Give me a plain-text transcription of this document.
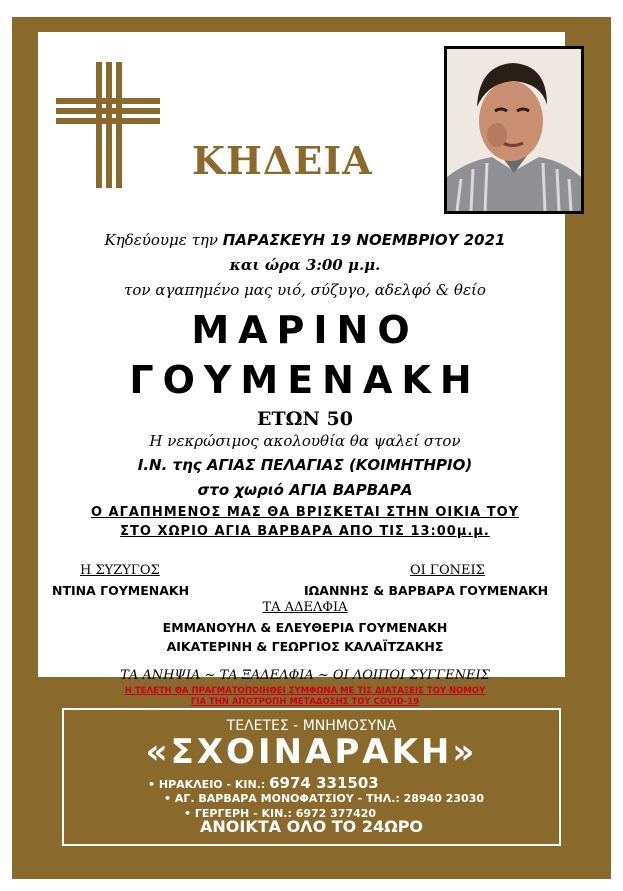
ΚΗΔΕΙΑ
Κηδεύουμε την ΠΑΡΑΣΚΕΥΗ 19 ΝΟΕΜΒΡΙΟΥ 2021
και ώρα 3:00 μ.μ.
τον αγαπημένο μας υιό, σύζυγο, αδελφό & θείο
ΜΑΡΙΝΟ
ΓΟΥΜΕΝΑΚΗ
ΕΤΩΝ 50
Η νεκρώσιμος ακολουθία θα ψαλεί στον
Ι.Ν. της ΑΓΙΑΣ ΠΕΛΑΓΙΑΣ (ΚΟΙΜΗΤΗΡΙΟ)
στο χωριό ΑΓΙΑ ΒΑΡΒΑΡΑ
Ο ΑΓΑΠΗΜΕΝΟΣ ΜΑΣ ΘΑ ΒΡΙΣΚΕΤΑΙ ΣΤΗΝ ΟΙΚΙΑ ΤΟΥ
ΣΤΟ ΧΩΡΙΟ ΑΓΙΑ ΒΑΡΒΑΡΑ ΑΠΟ ΤΙΣ 13:00μ.μ.
Η ΣΥΖΥΓΟΣ
ΝΤΙΝΑ ΓΟΥΜΕΝΑΚΗ
ΟΙ ΓΟΝΕΙΣ
ΙΩΑΝΝΗΣ & ΒΑΡΒΑΡΑ ΓΟΥΜΕΝΑΚΗ
ΤΑ ΑΔΕΛΦΙΑ
ΕΜΜΑΝΟΥΗΛ & ΕΛΕΥΘΕΡΙΑ ΓΟΥΜΕΝΑΚΗ
ΑΙΚΑΤΕΡΙΝΗ & ΓΕΩΡΓΙΟΣ ΚΑΛΑΪΤΖΑΚΗΣ
ΤΑ ΑΝΗΨΙΑ ~ ΤΑ ΞΑΔΕΛΦΙΑ ~ ΟΙ ΛΟΙΠΟΙ ΣΥΓΓΕΝΕΙΣ
Η ΤΕΛΕΤΗ ΘΑ ΠΡΑΓΜΑΤΟΠΟΙΗΘΕΙ ΣΥΜΦΩΝΑ ΜΕ ΤΙΣ ΔΙΑΤΑΞΕΙΣ ΤΟΥ ΝΟΜΟΥ
ΓΙΑ ΤΗΝ ΑΠΟΤΡΟΠΗ ΜΕΤΑΔΟΣΗΣ ΤΟΥ COVID-19
ΤΕΛΕΤΕΣ - ΜΝΗΜΟΣΥΝΑ
«ΣΧΟΙΝΑΡΑΚΗ»
• ΗΡΑΚΛΕΙΟ - ΚΙΝ.: 6974 331503
• ΑΓ. ΒΑΡΒΑΡΑ ΜΟΝΟΦΑΤΣΙΟΥ - ΤΗΛ.: 28940 23030
• ΓΕΡΓΕΡΗ - ΚΙΝ.: 6972 377420
ΑΝΟΙΚΤΑ ΟΛΟ ΤΟ 24ΩΡΟ
